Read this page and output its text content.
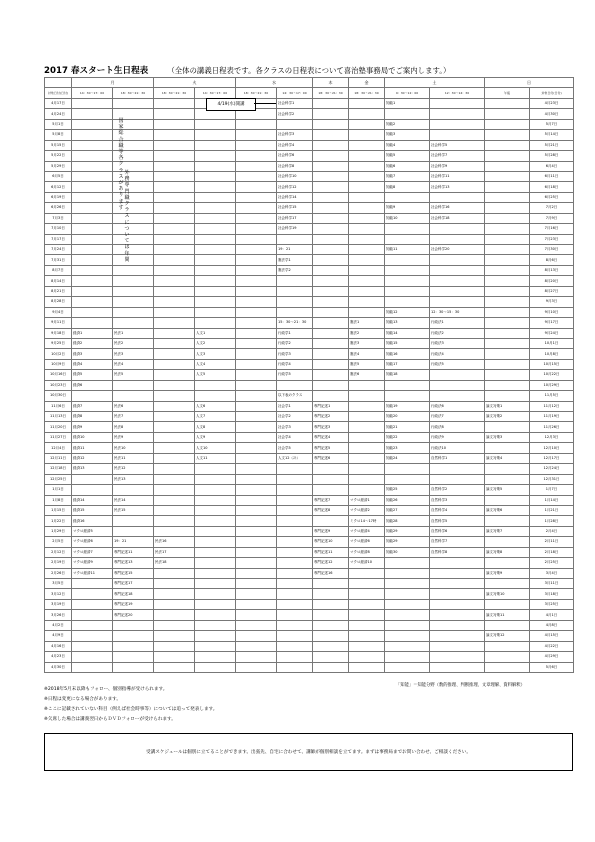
2017 春スタート生日程表	（全体の講義日程表です。各クラスの日程表について喜治塾事務局でご案内します。）
	月		火		水		木	金	土		日	
対象日付(日付)	14：30〜17：00	18：30〜21：30	18：30〜21：30	14：30〜17：00	18：30〜21：30	14：30〜17：00	18：30〜21：30	18：30〜21：30	9：30〜12：00	12：30〜14：30	午後	対象日付(日付)
4月17日						社会科学1			知能1			4月23日
4月24日						社会科学2						4月30日
5月1日									知能2			5月7日
5月8日						社会科学3			知能3			5月14日
5月15日						社会科学4			知能4	社会科学5		5月21日
5月22日						社会科学6			知能5	社会科学7		5月28日
5月29日						社会科学8			知能6	社会科学9		6月4日
6月5日						社会科学10			知能7	社会科学11		6月11日
6月12日						社会科学12			知能8	社会科学13		6月18日
6月19日						社会科学14						6月25日
6月26日						社会科学15			知能9	社会科学16		7月2日
7月3日						社会科学17			知能10	社会科学18		7月9日
7月10日						社会科学19						7月16日
7月17日												7月23日
7月24日						19：21			知能11	社会科学20		7月30日
7月31日						憲法学1						8月6日
8月7日						憲法学2						8月13日
8月14日												8月20日
8月21日												8月27日
8月28日												9月3日
9月4日									知能12	12：30〜15：30		9月10日
9月11日						15：30〜21：30		憲法1	知能13	行政法1		9月17日
9月18日	経済1	民法1		人文1		行政学1		憲法2	知能14	行政法2		9月24日
9月25日	経済2	民法2		人文2		行政学2		憲法3	知能15	行政法3		10月1日
10月2日	経済3	民法3		人文3		行政学3		憲法4	知能16	行政法4		10月8日
10月9日	経済4	民法4		人文4		行政学4		憲法5	知能17	行政法5		10月15日
10月16日	経済5	民法5		人文5		行政学5		憲法6	知能18			10月22日
10月23日	経済6											10月29日
10月30日						以下表のクラス						11月5日
11月6日	経済7	民法6		人文6		社会学1	専門記述1		知能19	行政法6	論文対策1	11月12日
11月13日	経済8	民法7		人文7		社会学2	専門記述2		知能20	行政法7	論文対策2	11月19日
11月20日	経済9	民法8		人文8		社会学3	専門記述3		知能21	行政法8		11月26日
11月27日	経済10	民法9		人文9		社会学4	専門記述4		知能22	行政法9	論文対策3	12月3日
12月4日	経済11	民法10		人文10		社会学5	専門記述5		知能23	行政法10		12月10日
12月11日	経済12	民法11		人文11		人文12（ｽﾄ）	専門記述6		知能24	自然科学1	論文対策4	12月17日
12月18日	経済13	民法12										12月24日
12月25日		民法13										12月31日
1月1日									知能25	自然科学2	論文対策5	1月7日
1月8日	経済14	民法14					専門記述7	マクロ経済1	知能26	自然科学3		1月14日
1月15日	経済15	民法15					専門記述8	マクロ経済2	知能27	自然科学4	論文対策6	1月21日
1月22日	経済16							ミクロ14〜17時	知能28	自然科学5		1月28日
1月29日	マクロ経済5						専門記述9	マクロ経済4	知能29	自然科学6	論文対策7	2月4日
2月5日	マクロ経済6	19：21	民法16				専門記述10	マクロ経済6	知能29	自然科学7		2月11日
2月12日	マクロ経済7	専門記述11	民法17				専門記述11	マクロ経済8	知能30	自然科学8	論文対策8	2月18日
2月19日	マクロ経済9	専門記述13	民法18				専門記述12	マクロ経済10				2月25日
2月26日	マクロ経済11	専門記述15					専門記述16				論文対策9	3月4日
3月5日		専門記述17										3月11日
3月12日		専門記述18									論文対策10	3月18日
3月19日		専門記述19										3月25日
3月26日		専門記述20									論文対策11	4月1日
4月2日												4月8日
4月9日											論文対策12	4月15日
4月16日												4月22日
4月23日												4月29日
4月30日												5月6日
国家総合職等各クラスがあります
外務専門職クラスについては年間
4/19(水)開講
「知能」＝知能分野（数的推理、判断推理、文章理解、資料解釈）
※2018年5月末以降もフォロー、個別指導が受けられます。
※日程は変更になる場合があります。
※ここに記載されていない科目（例えば社会時事等）については追って発表します。
※欠席した場合は講義翌日からＤＶＤフォローが受けられます。
受講スケジュールは個別に立てることができます。出張先、自宅に合わせて、講師が個別相談を立てます。まずは事務局までお問い合わせ、ご相談ください。
